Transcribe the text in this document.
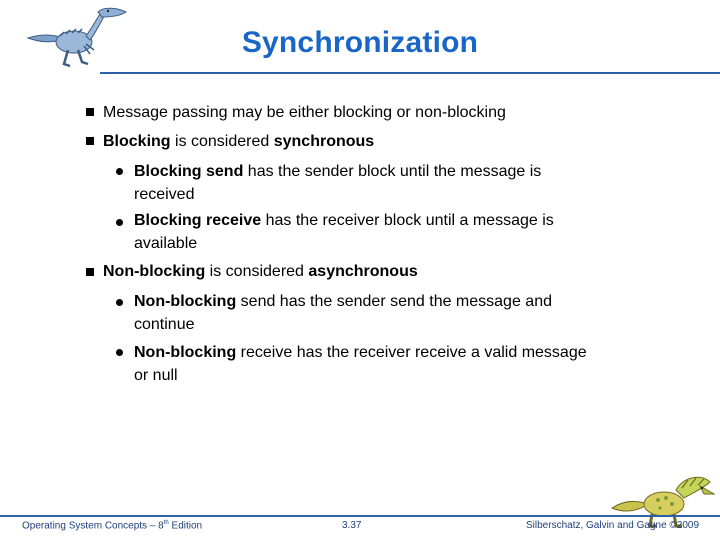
Synchronization
Message passing may be either blocking or non-blocking
Blocking is considered synchronous
Blocking send has the sender block until the message is
received
Blocking receive has the receiver block until a message is
available
Non-blocking is considered asynchronous
Non-blocking send has the sender send the message and
continue
Non-blocking receive has the receiver receive a valid message
or null
Operating System Concepts – 8th Edition	3.37	Silberschatz, Galvin and Gagne ©2009
